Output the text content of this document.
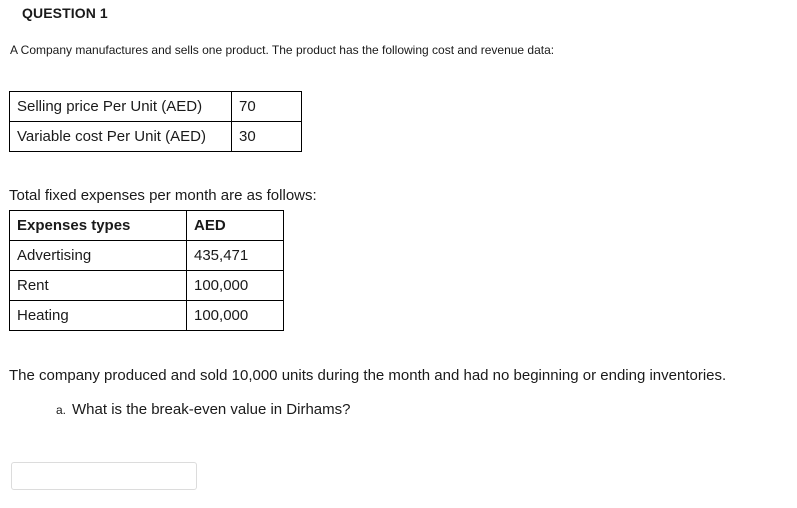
QUESTION 1
A Company manufactures and sells one product. The product has the following cost and revenue data:
Selling price Per Unit (AED)	70
Variable cost Per Unit (AED)	30
Total fixed expenses per month are as follows:
Expenses types	AED
Advertising	435,471
Rent	100,000
Heating	100,000
The company produced and sold 10,000 units during the month and had no beginning or ending inventories.
a. What is the break-even value in Dirhams?
